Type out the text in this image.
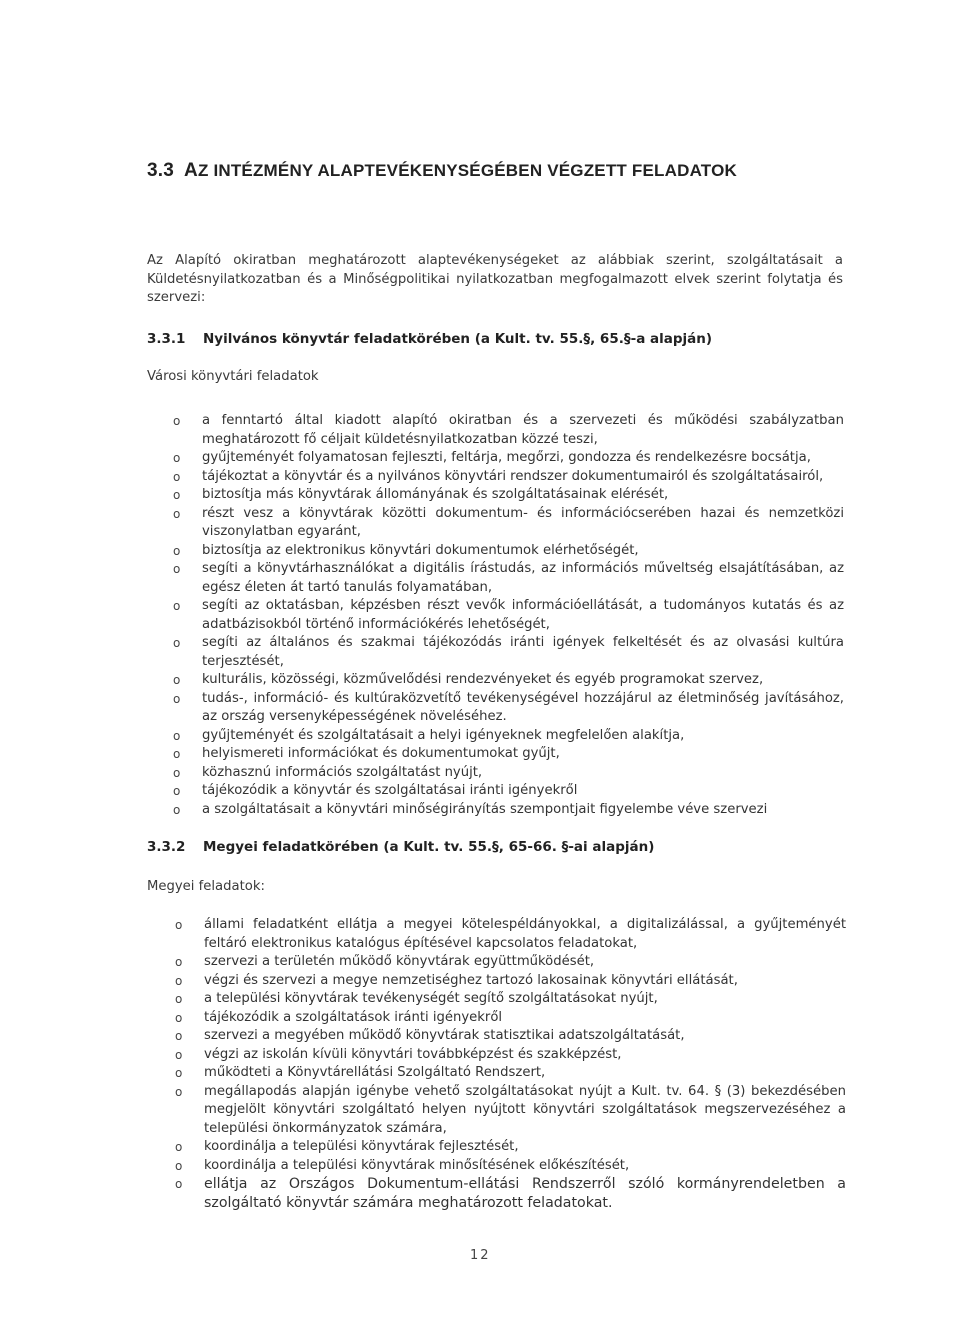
3.3 AZ INTÉZMÉNY ALAPTEVÉKENYSÉGÉBEN VÉGZETT FELADATOK

Az Alapító okiratban meghatározott alaptevékenységeket az alábbiak szerint, szolgáltatásait a Küldetésnyilatkozatban és a Minőségpolitikai nyilatkozatban megfogalmazott elvek szerint folytatja és szervezi:

3.3.1 Nyilvános könyvtár feladatkörében (a Kult. tv. 55.§, 65.§-a alapján)

Városi könyvtári feladatok

o a fenntartó által kiadott alapító okiratban és a szervezeti és működési szabályzatban meghatározott fő céljait küldetésnyilatkozatban közzé teszi,
o gyűjteményét folyamatosan fejleszti, feltárja, megőrzi, gondozza és rendelkezésre bocsátja,
o tájékoztat a könyvtár és a nyilvános könyvtári rendszer dokumentumairól és szolgáltatásairól,
o biztosítja más könyvtárak állományának és szolgáltatásainak elérését,
o részt vesz a könyvtárak közötti dokumentum- és információcserében hazai és nemzetközi viszonylatban egyaránt,
o biztosítja az elektronikus könyvtári dokumentumok elérhetőségét,
o segíti a könyvtárhasználókat a digitális írástudás, az információs műveltség elsajátításában, az egész életen át tartó tanulás folyamatában,
o segíti az oktatásban, képzésben részt vevők információellátását, a tudományos kutatás és az adatbázisokból történő információkérés lehetőségét,
o segíti az általános és szakmai tájékozódás iránti igények felkeltését és az olvasási kultúra terjesztését,
o kulturális, közösségi, közművelődési rendezvényeket és egyéb programokat szervez,
o tudás-, információ- és kultúraközvetítő tevékenységével hozzájárul az életminőség javításához, az ország versenyképességének növeléséhez.
o gyűjteményét és szolgáltatásait a helyi igényeknek megfelelően alakítja,
o helyismereti információkat és dokumentumokat gyűjt,
o közhasznú információs szolgáltatást nyújt,
o tájékozódik a könyvtár és szolgáltatásai iránti igényekről
o a szolgáltatásait a könyvtári minőségirányítás szempontjait figyelembe véve szervezi
3.3.2 Megyei feladatkörében (a Kult. tv. 55.§, 65-66. §-ai alapján)

Megyei feladatok:

o állami feladatként ellátja a megyei kötelespéldányokkal, a digitalizálással, a gyűjteményét feltáró elektronikus katalógus építésével kapcsolatos feladatokat,
o szervezi a területén működő könyvtárak együttműködését,
o végzi és szervezi a megye nemzetiséghez tartozó lakosainak könyvtári ellátását,
o a települési könyvtárak tevékenységét segítő szolgáltatásokat nyújt,
o tájékozódik a szolgáltatások iránti igényekről
o szervezi a megyében működő könyvtárak statisztikai adatszolgáltatását,
o végzi az iskolán kívüli könyvtári továbbképzést és szakképzést,
o működteti a Könyvtárellátási Szolgáltató Rendszert,
o megállapodás alapján igénybe vehető szolgáltatásokat nyújt a Kult. tv. 64. § (3) bekezdésében megjelölt könyvtári szolgáltató helyen nyújtott könyvtári szolgáltatások megszervezéséhez a települési önkormányzatok számára,
o koordinálja a települési könyvtárak fejlesztését,
o koordinálja a települési könyvtárak minősítésének előkészítését,
o ellátja az Országos Dokumentum-ellátási Rendszerről szóló kormányrendeletben a szolgáltató könyvtár számára meghatározott feladatokat.

12
